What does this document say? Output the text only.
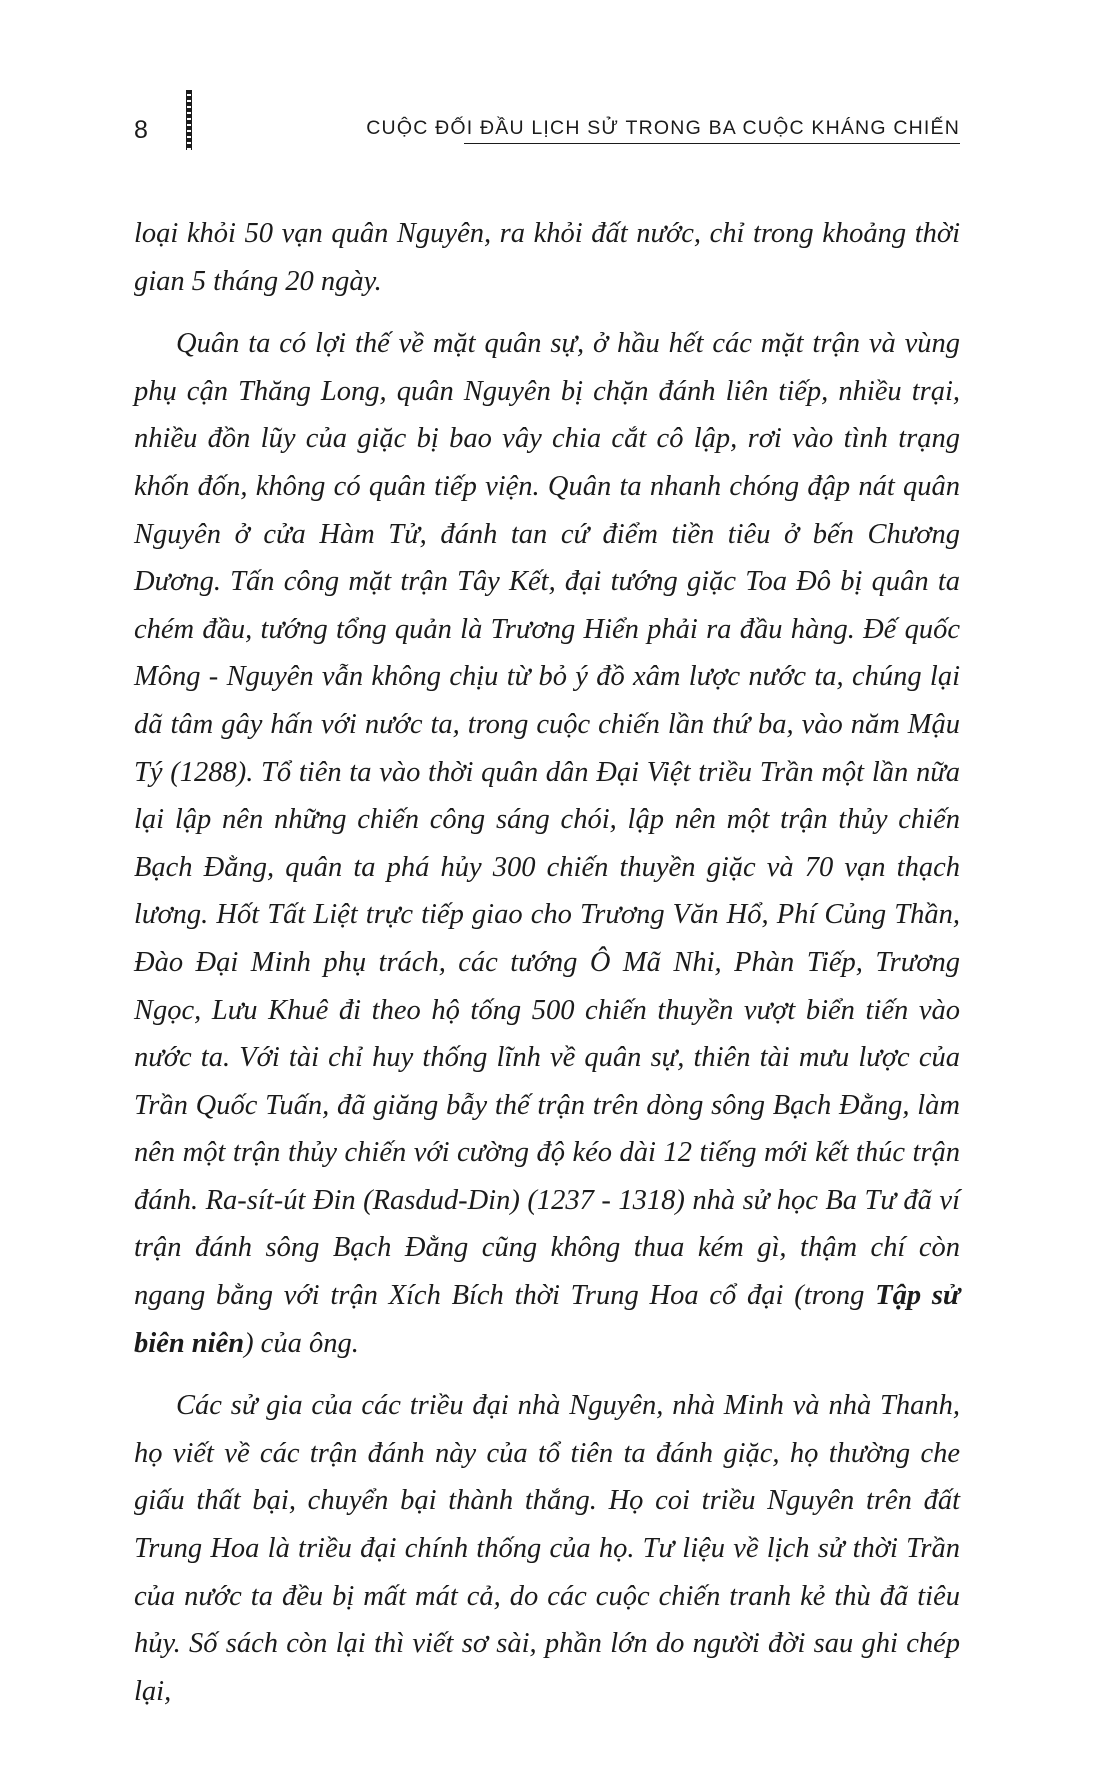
8	CUỘC ĐỐI ĐẦU LỊCH SỬ TRONG BA CUỘC KHÁNG CHIẾN

loại khỏi 50 vạn quân Nguyên, ra khỏi đất nước, chỉ trong khoảng thời gian 5 tháng 20 ngày.

Quân ta có lợi thế về mặt quân sự, ở hầu hết các mặt trận và vùng phụ cận Thăng Long, quân Nguyên bị chặn đánh liên tiếp, nhiều trại, nhiều đồn lũy của giặc bị bao vây chia cắt cô lập, rơi vào tình trạng khốn đốn, không có quân tiếp viện. Quân ta nhanh chóng đập nát quân Nguyên ở cửa Hàm Tử, đánh tan cứ điểm tiền tiêu ở bến Chương Dương. Tấn công mặt trận Tây Kết, đại tướng giặc Toa Đô bị quân ta chém đầu, tướng tổng quản là Trương Hiển phải ra đầu hàng. Đế quốc Mông - Nguyên vẫn không chịu từ bỏ ý đồ xâm lược nước ta, chúng lại dã tâm gây hấn với nước ta, trong cuộc chiến lần thứ ba, vào năm Mậu Tý (1288). Tổ tiên ta vào thời quân dân Đại Việt triều Trần một lần nữa lại lập nên những chiến công sáng chói, lập nên một trận thủy chiến Bạch Đằng, quân ta phá hủy 300 chiến thuyền giặc và 70 vạn thạch lương. Hốt Tất Liệt trực tiếp giao cho Trương Văn Hổ, Phí Củng Thần, Đào Đại Minh phụ trách, các tướng Ô Mã Nhi, Phàn Tiếp, Trương Ngọc, Lưu Khuê đi theo hộ tống 500 chiến thuyền vượt biển tiến vào nước ta. Với tài chỉ huy thống lĩnh về quân sự, thiên tài mưu lược của Trần Quốc Tuấn, đã giăng bẫy thế trận trên dòng sông Bạch Đằng, làm nên một trận thủy chiến với cường độ kéo dài 12 tiếng mới kết thúc trận đánh. Ra-sít-út Đin (Rasdud-Din) (1237 - 1318) nhà sử học Ba Tư đã ví trận đánh sông Bạch Đằng cũng không thua kém gì, thậm chí còn ngang bằng với trận Xích Bích thời Trung Hoa cổ đại (trong Tập sử biên niên) của ông.

Các sử gia của các triều đại nhà Nguyên, nhà Minh và nhà Thanh, họ viết về các trận đánh này của tổ tiên ta đánh giặc, họ thường che giấu thất bại, chuyển bại thành thắng. Họ coi triều Nguyên trên đất Trung Hoa là triều đại chính thống của họ. Tư liệu về lịch sử thời Trần của nước ta đều bị mất mát cả, do các cuộc chiến tranh kẻ thù đã tiêu hủy. Số sách còn lại thì viết sơ sài, phần lớn do người đời sau ghi chép lại,
